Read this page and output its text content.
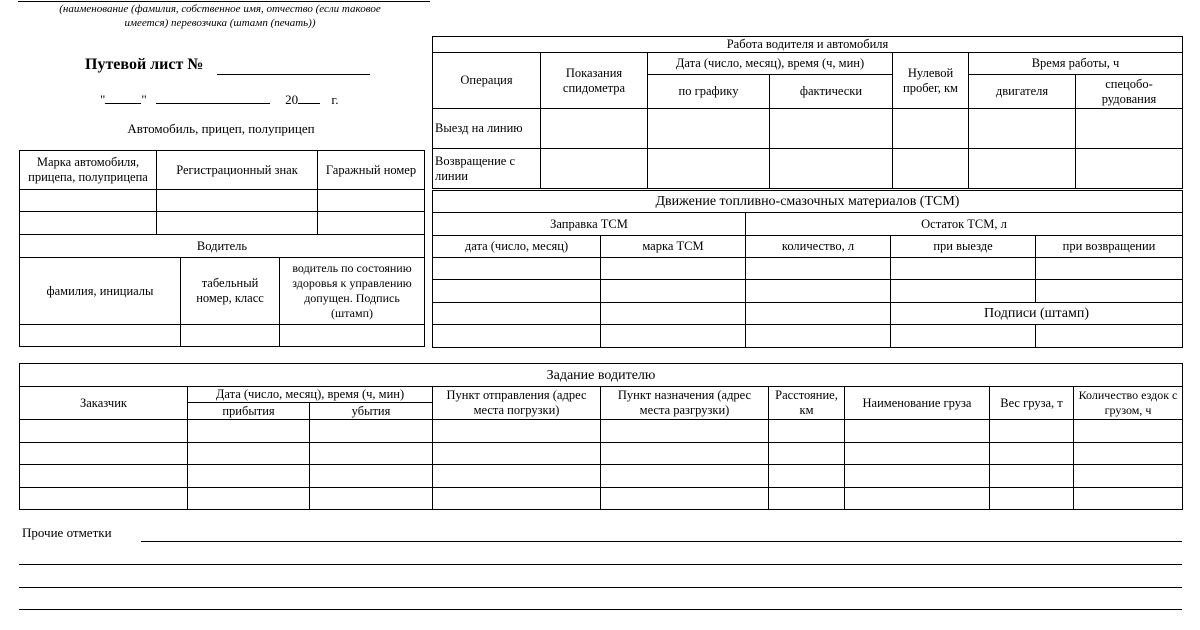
(наименование (фамилия, собственное имя, отчество (если таковое имеется) перевозчика (штамп (печать))
Путевой лист №
"	"	20	г.
Автомобиль, прицеп, полуприцеп
Марка автомобиля, прицепа, полуприцепа	Регистрационный знак	Гаражный номер

Водитель		
фамилия, инициалы	табельный номер, класс	водитель по состоянию здоровья к управлению допущен. Подпись (штамп)

Работа водителя и автомобиля						
Операция	Показания спидометра	Дата (число, месяц), время (ч, мин)		Нулевой пробег, км	Время работы, ч	
		по графику	фактически		двигателя	спецобо-рудования
Выезд на линию						
Возвращение с линии						
Движение топливно-смазочных материалов (ТСМ)				
Заправка ТСМ		Остаток ТСМ, л		
дата (число, месяц)	марка ТСМ	количество, л	при выезде	при возвращении

			Подписи (штамп)	

Задание водителю								
Заказчик	Дата (число, месяц), время (ч, мин)		Пункт отправления (адрес места погрузки)	Пункт назначения (адрес места разгрузки)	Расстояние, км	Наименование груза	Вес груза, т	Количество ездок с грузом, ч
	прибытия	убытия						

Прочие отметки
